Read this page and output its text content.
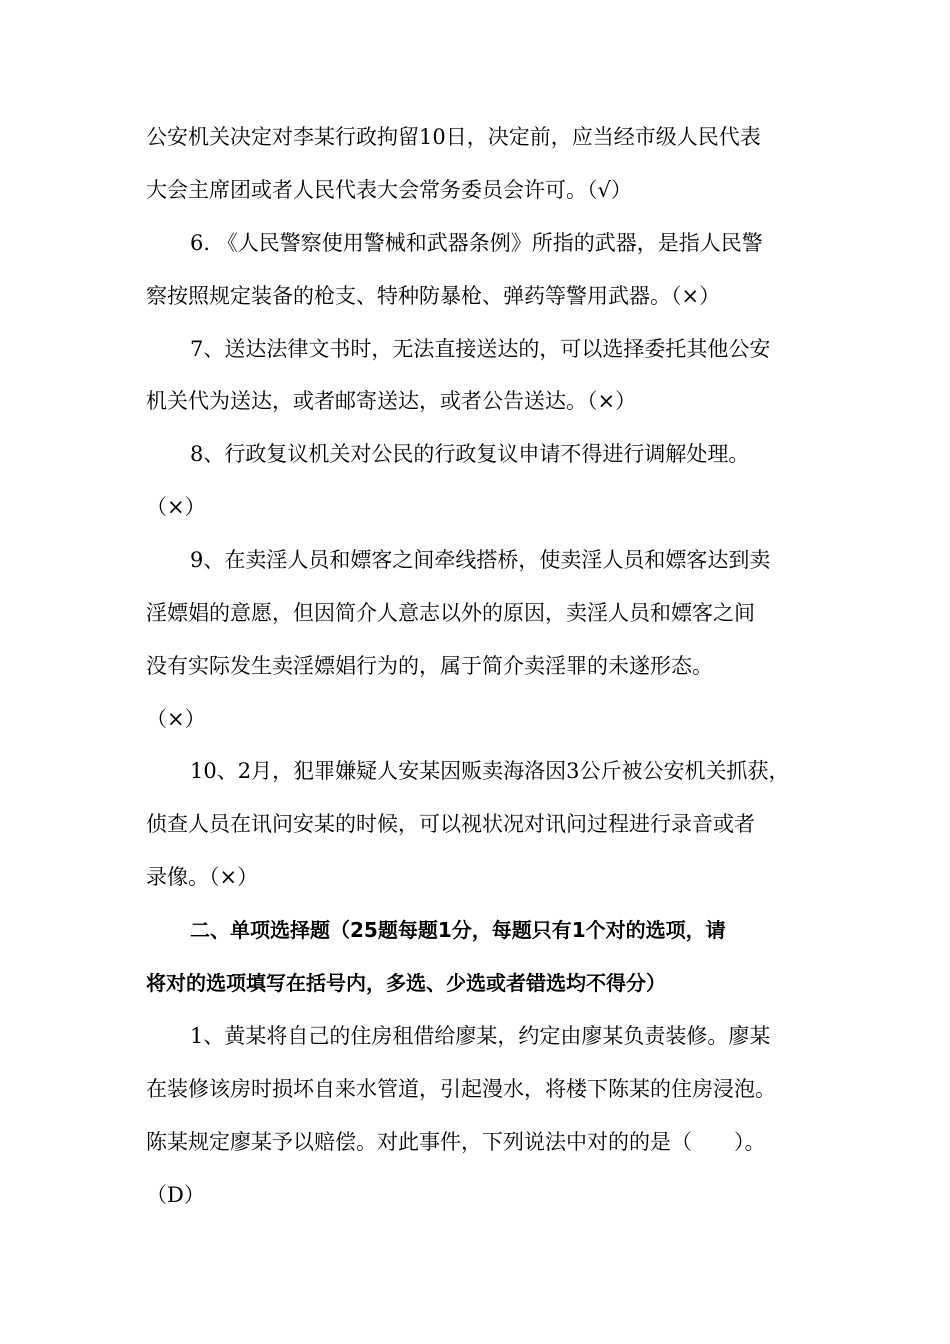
公安机关决定对李某行政拘留10日，决定前，应当经市级人民代表
大会主席团或者人民代表大会常务委员会许可。（√）
6. 《人民警察使用警械和武器条例》所指的武器，是指人民警
察按照规定装备的枪支、特种防暴枪、弹药等警用武器。（×）
7、送达法律文书时，无法直接送达的，可以选择委托其他公安
机关代为送达，或者邮寄送达，或者公告送达。（×）
8、行政复议机关对公民的行政复议申请不得进行调解处理。
（×）
9、在卖淫人员和嫖客之间牵线搭桥，使卖淫人员和嫖客达到卖
淫嫖娼的意愿，但因简介人意志以外的原因，卖淫人员和嫖客之间
没有实际发生卖淫嫖娼行为的，属于简介卖淫罪的未遂形态。
（×）
10、2月，犯罪嫌疑人安某因贩卖海洛因3公斤被公安机关抓获，
侦查人员在讯问安某的时候，可以视状况对讯问过程进行录音或者
录像。（×）
二、单项选择题（25题每题1分，每题只有1个对的选项，请
将对的选项填写在括号内，多选、少选或者错选均不得分）
1、黄某将自己的住房租借给廖某，约定由廖某负责装修。廖某
在装修该房时损坏自来水管道，引起漫水，将楼下陈某的住房浸泡。
陈某规定廖某予以赔偿。对此事件，下列说法中对的的是（　　）。
（D）
